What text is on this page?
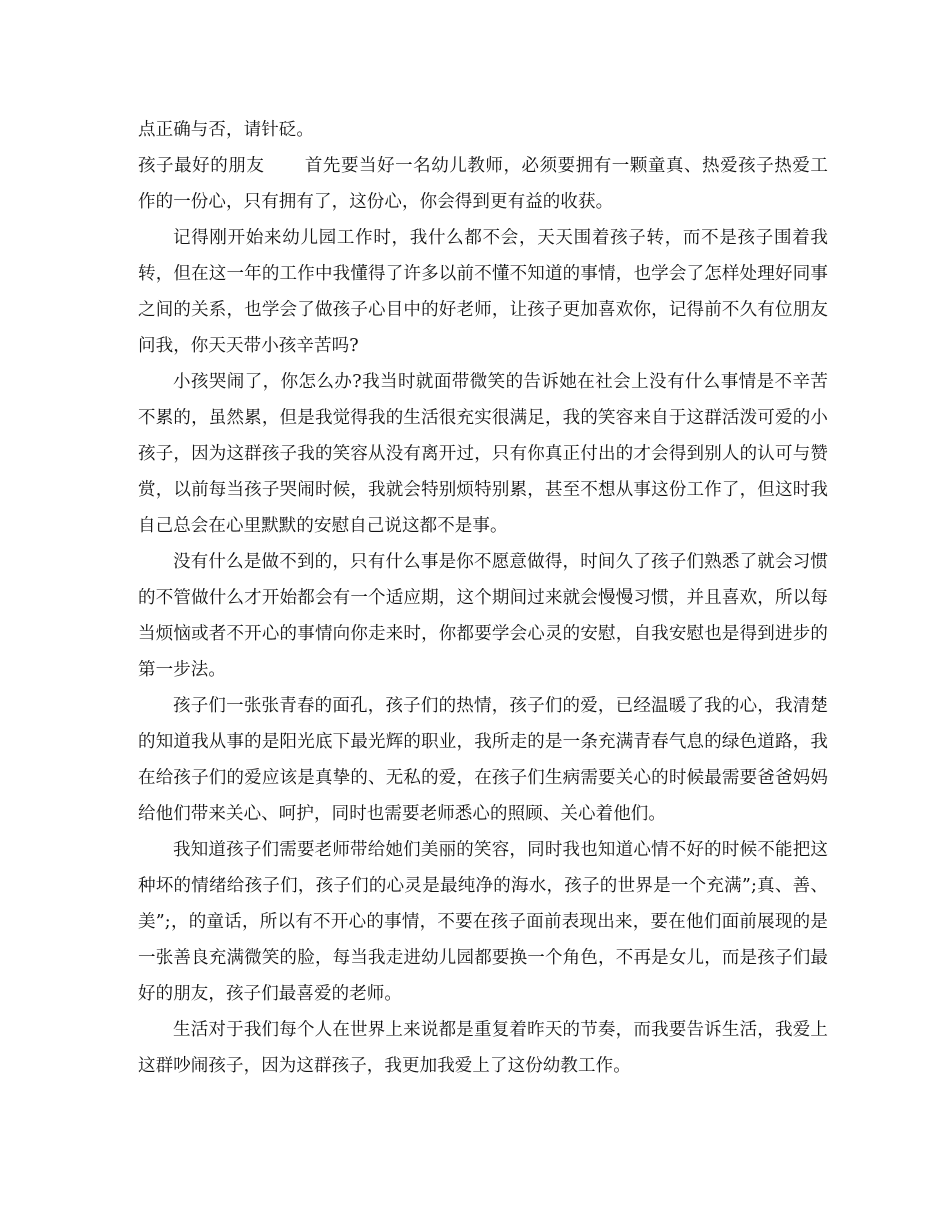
点正确与否，请针砭。

孩子最好的朋友 首先要当好一名幼儿教师，必须要拥有一颗童真、热爱孩子热爱工作的一份心，只有拥有了，这份心，你会得到更有益的收获。

记得刚开始来幼儿园工作时，我什么都不会，天天围着孩子转，而不是孩子围着我转，但在这一年的工作中我懂得了许多以前不懂不知道的事情，也学会了怎样处理好同事之间的关系，也学会了做孩子心目中的好老师，让孩子更加喜欢你，记得前不久有位朋友问我，你天天带小孩辛苦吗?

小孩哭闹了，你怎么办?我当时就面带微笑的告诉她在社会上没有什么事情是不辛苦不累的，虽然累，但是我觉得我的生活很充实很满足，我的笑容来自于这群活泼可爱的小孩子，因为这群孩子我的笑容从没有离开过，只有你真正付出的才会得到别人的认可与赞赏，以前每当孩子哭闹时候，我就会特别烦特别累，甚至不想从事这份工作了，但这时我自己总会在心里默默的安慰自己说这都不是事。

没有什么是做不到的，只有什么事是你不愿意做得，时间久了孩子们熟悉了就会习惯的不管做什么才开始都会有一个适应期，这个期间过来就会慢慢习惯，并且喜欢，所以每当烦恼或者不开心的事情向你走来时，你都要学会心灵的安慰，自我安慰也是得到进步的第一步法。

孩子们一张张青春的面孔，孩子们的热情，孩子们的爱，已经温暖了我的心，我清楚的知道我从事的是阳光底下最光辉的职业，我所走的是一条充满青春气息的绿色道路，我在给孩子们的爱应该是真挚的、无私的爱，在孩子们生病需要关心的时候最需要爸爸妈妈给他们带来关心、呵护，同时也需要老师悉心的照顾、关心着他们。

我知道孩子们需要老师带给她们美丽的笑容，同时我也知道心情不好的时候不能把这种坏的情绪给孩子们，孩子们的心灵是最纯净的海水，孩子的世界是一个充满”;真、善、美”;，的童话，所以有不开心的事情，不要在孩子面前表现出来，要在他们面前展现的是一张善良充满微笑的脸，每当我走进幼儿园都要换一个角色，不再是女儿，而是孩子们最好的朋友，孩子们最喜爱的老师。

生活对于我们每个人在世界上来说都是重复着昨天的节奏，而我要告诉生活，我爱上这群吵闹孩子，因为这群孩子，我更加我爱上了这份幼教工作。
